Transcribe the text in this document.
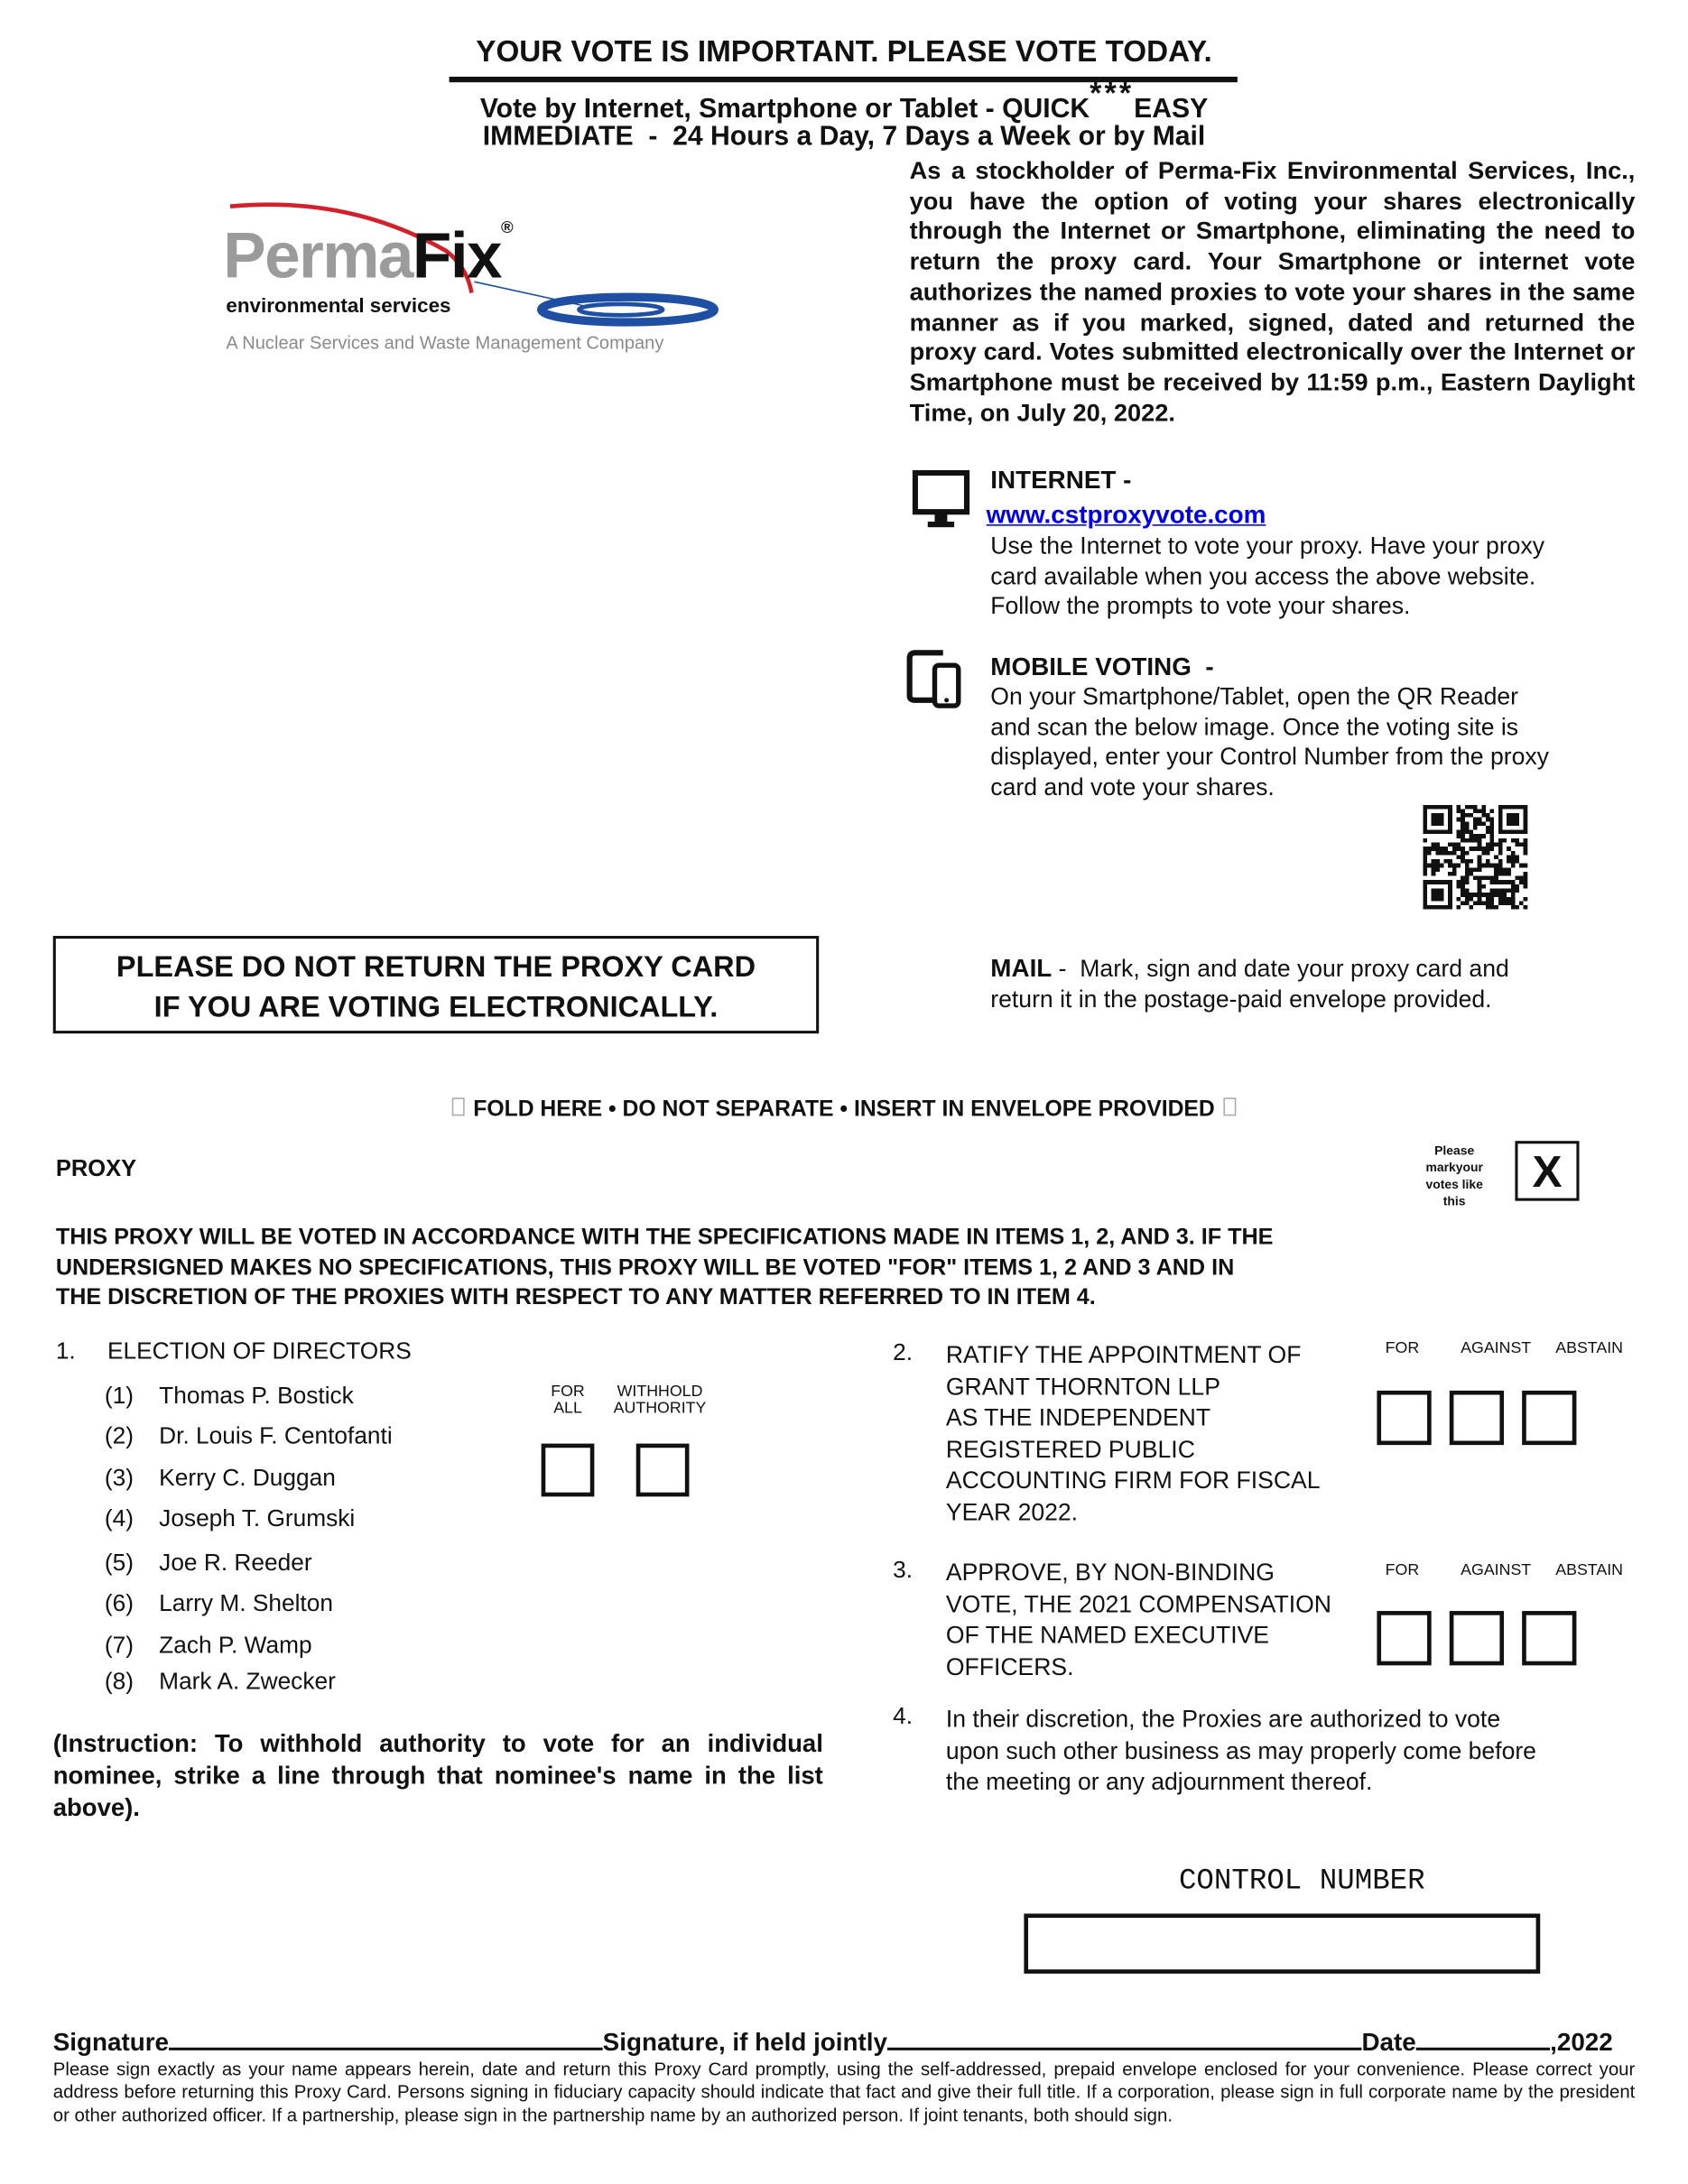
YOUR VOTE IS IMPORTANT. PLEASE VOTE TODAY.
Vote by Internet, Smartphone or Tablet - QUICK***EASY
IMMEDIATE  -  24 Hours a Day, 7 Days a Week or by Mail
PermaFix®
environmental services
A Nuclear Services and Waste Management Company
As a stockholder of Perma-Fix Environmental Services, Inc., you have the option of voting your shares electronically through the Internet or Smartphone, eliminating the need to return the proxy card. Your Smartphone or internet vote authorizes the named proxies to vote your shares in the same manner as if you marked, signed, dated and returned the proxy card. Votes submitted electronically over the Internet or Smartphone must be received by 11:59 p.m., Eastern Daylight Time, on July 20, 2022.
INTERNET -
www.cstproxyvote.com
Use the Internet to vote your proxy. Have your proxy
card available when you access the above website.
Follow the prompts to vote your shares.
MOBILE VOTING  -
On your Smartphone/Tablet, open the QR Reader
and scan the below image. Once the voting site is
displayed, enter your Control Number from the proxy
card and vote your shares.
PLEASE DO NOT RETURN THE PROXY CARD
IF YOU ARE VOTING ELECTRONICALLY.
MAIL -  Mark, sign and date your proxy card and
return it in the postage-paid envelope provided.
FOLD HERE • DO NOT SEPARATE • INSERT IN ENVELOPE PROVIDED
PROXY
Please
markyour
votes like
this
X
THIS PROXY WILL BE VOTED IN ACCORDANCE WITH THE SPECIFICATIONS MADE IN ITEMS 1, 2, AND 3. IF THE
UNDERSIGNED MAKES NO SPECIFICATIONS, THIS PROXY WILL BE VOTED "FOR" ITEMS 1, 2 AND 3 AND IN
THE DISCRETION OF THE PROXIES WITH RESPECT TO ANY MATTER REFERRED TO IN ITEM 4.
1. ELECTION OF DIRECTORS
(1) Thomas P. Bostick
(2) Dr. Louis F. Centofanti
(3) Kerry C. Duggan
(4) Joseph T. Grumski
(5) Joe R. Reeder
(6) Larry M. Shelton
(7) Zach P. Wamp
(8) Mark A. Zwecker
FOR
ALL
WITHHOLD
AUTHORITY
(Instruction: To withhold authority to vote for an individual
nominee, strike a line through that nominee's name in the list
above).
2. RATIFY THE APPOINTMENT OF
GRANT THORNTON LLP
AS THE INDEPENDENT
REGISTERED PUBLIC
ACCOUNTING FIRM FOR FISCAL
YEAR 2022.
FOR	AGAINST ABSTAIN
3. APPROVE, BY NON-BINDING
VOTE, THE 2021 COMPENSATION
OF THE NAMED EXECUTIVE
OFFICERS.
FOR	AGAINST ABSTAIN
4. In their discretion, the Proxies are authorized to vote
upon such other business as may properly come before
the meeting or any adjournment thereof.
CONTROL NUMBER
Signature	Signature, if held jointly	Date	,2022
Please sign exactly as your name appears herein, date and return this Proxy Card promptly, using the self-addressed, prepaid envelope enclosed for your convenience. Please correct your address before returning this Proxy Card. Persons signing in fiduciary capacity should indicate that fact and give their full title. If a corporation, please sign in full corporate name by the president or other authorized officer. If a partnership, please sign in the partnership name by an authorized person. If joint tenants, both should sign.
